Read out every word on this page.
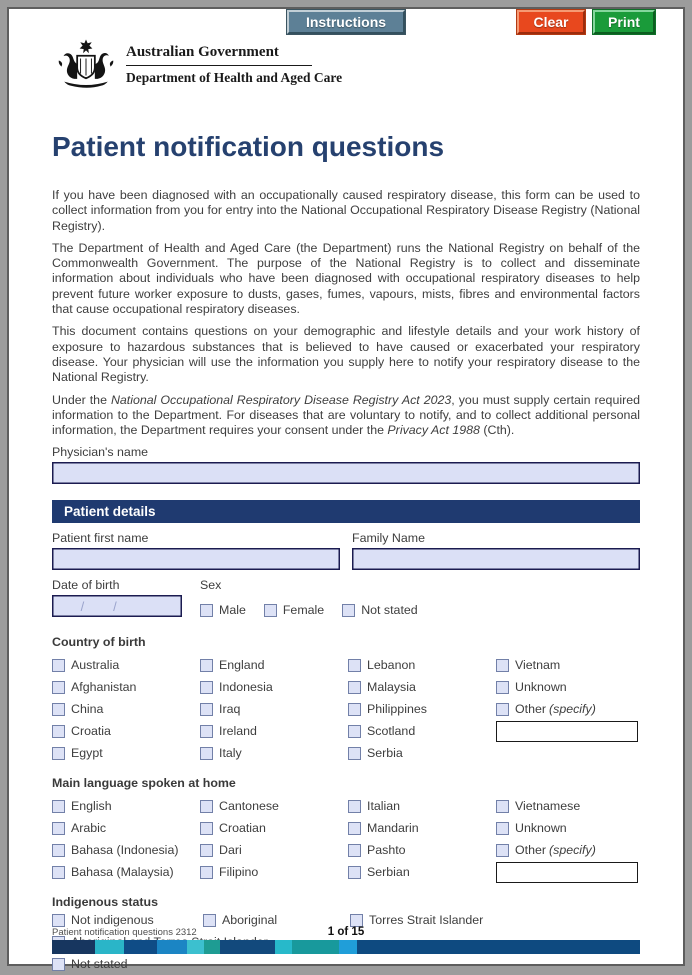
Instructions	Clear	Print
Australian Government
Department of Health and Aged Care
Patient notification questions

If you have been diagnosed with an occupationally caused respiratory disease, this form can be used to collect information from you for entry into the National Occupational Respiratory Disease Registry (National Registry).

The Department of Health and Aged Care (the Department) runs the National Registry on behalf of the Commonwealth Government. The purpose of the National Registry is to collect and disseminate information about individuals who have been diagnosed with occupational respiratory diseases to help prevent future worker exposure to dusts, gases, fumes, vapours, mists, fibres and environmental factors that cause occupational respiratory diseases.

This document contains questions on your demographic and lifestyle details and your work history of exposure to hazardous substances that is believed to have caused or exacerbated your respiratory disease. Your physician will use the information you supply here to notify your respiratory disease to the National Registry.

Under the National Occupational Respiratory Disease Registry Act 2023, you must supply certain required information to the Department. For diseases that are voluntary to notify, and to collect additional personal information, the Department requires your consent under the Privacy Act 1988 (Cth).

Physician's name
Patient details
Patient first name	Family Name
Date of birth
/ /	Sex
Male	Female	Not stated
Country of birth
Australia
Afghanistan
China
Croatia
Egypt
England
Indonesia
Iraq
Ireland
Italy
Lebanon
Malaysia
Philippines
Scotland
Serbia
Vietnam
Unknown
Other (specify)
Main language spoken at home
English
Arabic
Bahasa (Indonesia)
Bahasa (Malaysia)
Cantonese
Croatian
Dari
Filipino
Italian
Mandarin
Pashto
Serbian
Vietnamese
Unknown
Other (specify)
Indigenous status
Not indigenous	Aboriginal	Torres Strait Islander
Not stated
Patient notification questions 2312	1 of 15
